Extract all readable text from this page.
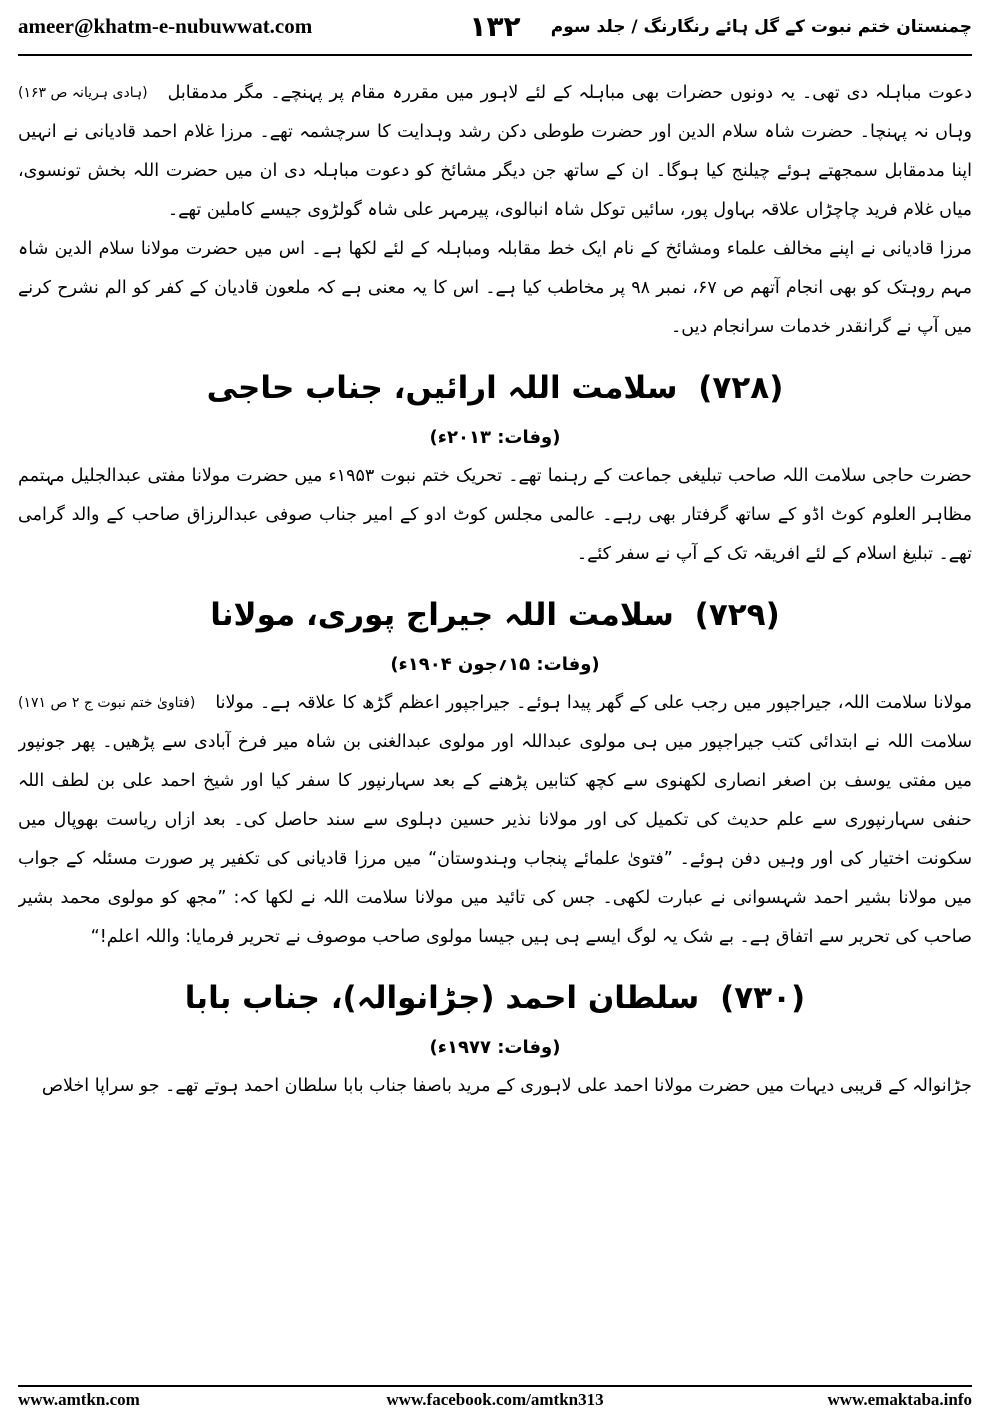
ameer@khatm-e-nubuwwat.com	۱۳۲ چمنستان ختم نبوت کے گل ہائے رنگارنگ / جلد سوم

(ہادی ہریانہ ص ۱۶۳) دعوت مباہلہ دی تھی۔ یہ دونوں حضرات بھی مباہلہ کے لئے لاہور میں مقررہ مقام پر پہنچے۔ مگر مدمقابل وہاں نہ پہنچا۔ حضرت شاہ سلام الدین اور حضرت طوطی دکن رشد وہدایت کا سرچشمہ تھے۔ مرزا غلام احمد قادیانی نے انہیں اپنا مدمقابل سمجھتے ہوئے چیلنج کیا ہوگا۔ ان کے ساتھ جن دیگر مشائخ کو دعوت مباہلہ دی ان میں حضرت اللہ بخش تونسوی، میاں غلام فرید چاچڑاں علاقہ بہاول پور، سائیں توکل شاہ انبالوی، پیرمہر علی شاہ گولڑوی جیسے کاملین تھے۔

مرزا قادیانی نے اپنے مخالف علماء ومشائخ کے نام ایک خط مقابلہ ومباہلہ کے لئے لکھا ہے۔ اس میں حضرت مولانا سلام الدین شاہ مہم روہتک کو بھی انجام آتھم ص ۶۷، نمبر ۹۸ پر مخاطب کیا ہے۔ اس کا یہ معنی ہے کہ ملعون قادیان کے کفر کو الم نشرح کرنے میں آپ نے گرانقدر خدمات سرانجام دیں۔

(۷۲۸) سلامت اللہ ارائیں، جناب حاجی

(وفات: ۲۰۱۳ء)

حضرت حاجی سلامت اللہ صاحب تبلیغی جماعت کے رہنما تھے۔ تحریک ختم نبوت ۱۹۵۳ء میں حضرت مولانا مفتی عبدالجلیل مہتمم مظاہر العلوم کوٹ اڈو کے ساتھ گرفتار بھی رہے۔ عالمی مجلس کوٹ ادو کے امیر جناب صوفی عبدالرزاق صاحب کے والد گرامی تھے۔ تبلیغ اسلام کے لئے افریقہ تک کے آپ نے سفر کئے۔

(۷۲۹) سلامت اللہ جیراج پوری، مولانا

(وفات: ۱۵؍جون ۱۹۰۴ء)

(فتاویٰ ختم نبوت ج ۲ ص ۱۷۱) مولانا سلامت اللہ، جیراجپور میں رجب علی کے گھر پیدا ہوئے۔ جیراجپور اعظم گڑھ کا علاقہ ہے۔ مولانا سلامت اللہ نے ابتدائی کتب جیراجپور میں ہی مولوی عبداللہ اور مولوی عبدالغنی بن شاہ میر فرخ آبادی سے پڑھیں۔ پھر جونپور میں مفتی یوسف بن اصغر انصاری لکھنوی سے کچھ کتابیں پڑھنے کے بعد سہارنپور کا سفر کیا اور شیخ احمد علی بن لطف اللہ حنفی سہارنپوری سے علم حدیث کی تکمیل کی اور مولانا نذیر حسین دہلوی سے سند حاصل کی۔ بعد ازاں ریاست بھوپال میں سکونت اختیار کی اور وہیں دفن ہوئے۔ ”فتویٰ علمائے پنجاب وہندوستان“ میں مرزا قادیانی کی تکفیر پر صورت مسئلہ کے جواب میں مولانا بشیر احمد شہسوانی نے عبارت لکھی۔ جس کی تائید میں مولانا سلامت اللہ نے لکھا کہ: ”مجھ کو مولوی محمد بشیر صاحب کی تحریر سے اتفاق ہے۔ بے شک یہ لوگ ایسے ہی ہیں جیسا مولوی صاحب موصوف نے تحریر فرمایا: واللہ اعلم!“

(۷۳۰) سلطان احمد (جڑانوالہ)، جناب بابا

(وفات: ۱۹۷۷ء)

جڑانوالہ کے قریبی دیہات میں حضرت مولانا احمد علی لاہوری کے مرید باصفا جناب بابا سلطان احمد ہوتے تھے۔ جو سراپا اخلاص

www.amtkn.com	www.facebook.com/amtkn313	www.emaktaba.info
